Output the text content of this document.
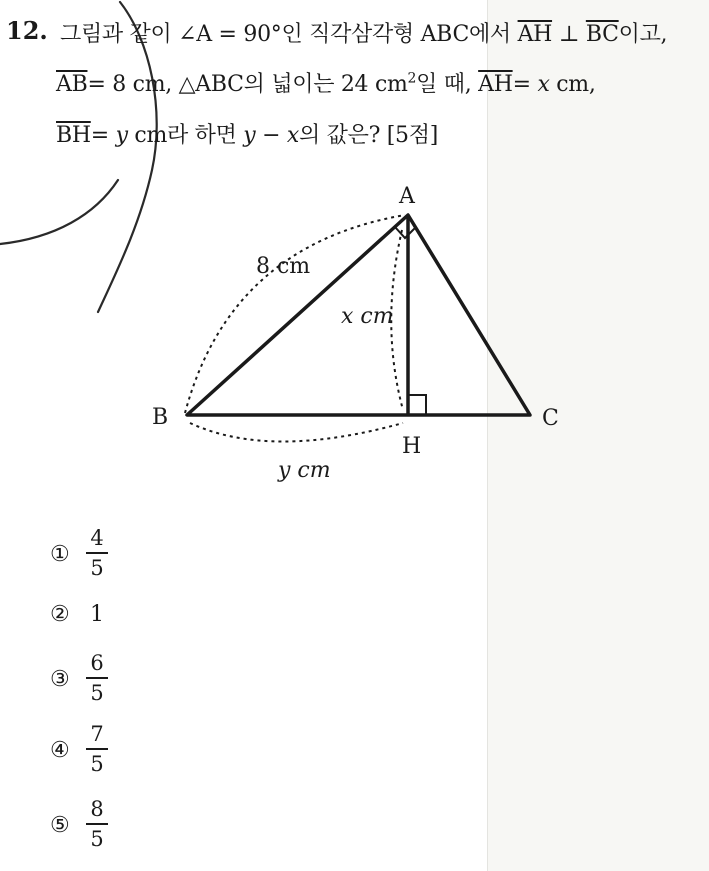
12. 그림과 같이 ∠A = 90°인 직각삼각형 ABC에서 $\overline{AH}$ ⊥ $\overline{BC}$이고,
$\overline{AB}= 8$ cm, △ABC의 넓이는 24 $cm^2$일 때, $\overline{AH}= x$ cm,
$\overline{BH}= y$ cm라 하면 y − x의 값은? [5점]
A
B	C
H
8 cm
x cm
y cm
①
4
5
② 1
③
6
5
④
7
5
⑤
8
5
